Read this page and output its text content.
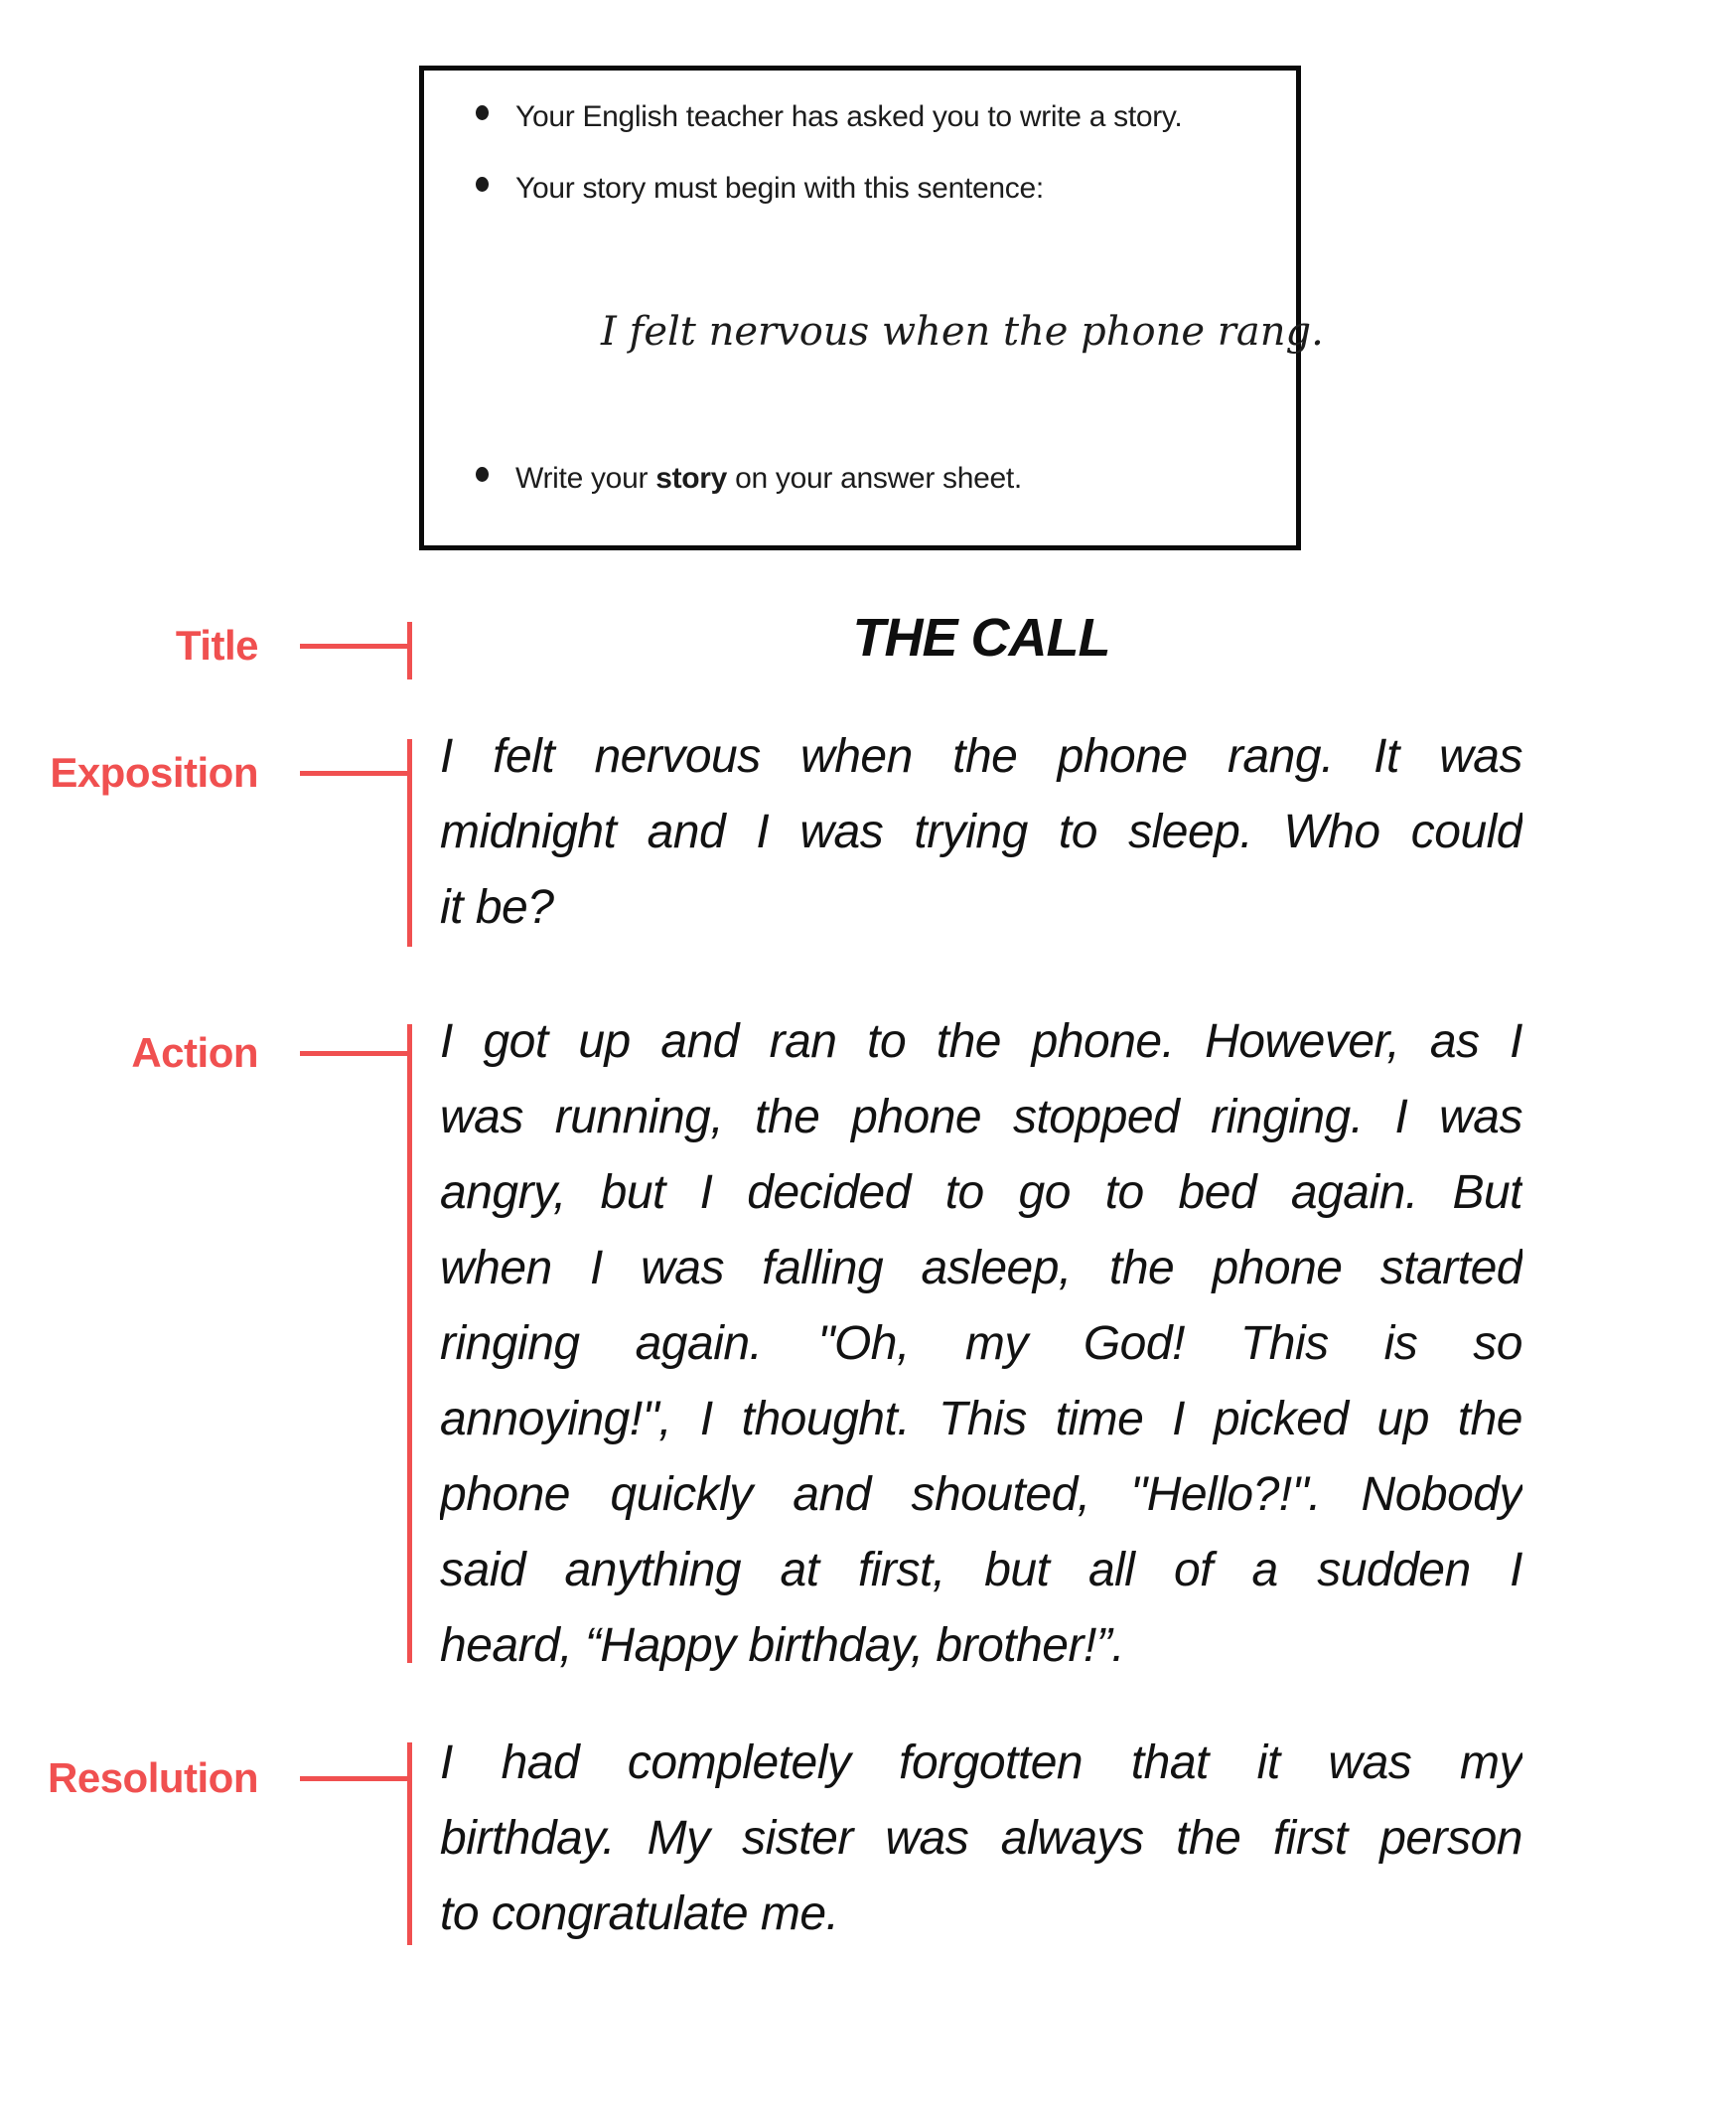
Your English teacher has asked you to write a story.
Your story must begin with this sentence:
I felt nervous when the phone rang.
Write your story on your answer sheet.
THE CALL
Title
Exposition	I felt nervous when the phone rang. It was
midnight and I was trying to sleep. Who could
it be?
Action	I got up and ran to the phone. However, as I
was running, the phone stopped ringing. I was
angry, but I decided to go to bed again. But
when I was falling asleep, the phone started
ringing again. "Oh, my God! This is so
annoying!", I thought. This time I picked up the
phone quickly and shouted, "Hello?!". Nobody
said anything at first, but all of a sudden I
heard, “Happy birthday, brother!”.
Resolution	I had completely forgotten that it was my
birthday. My sister was always the first person
to congratulate me.
